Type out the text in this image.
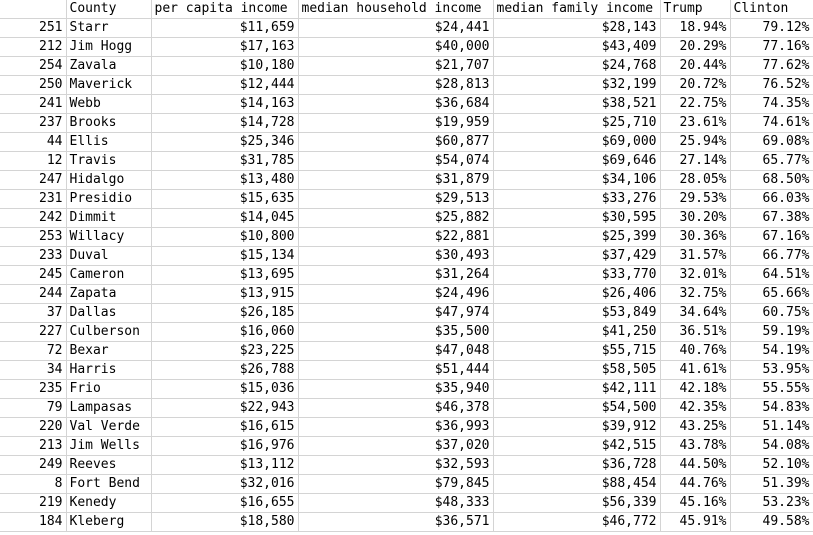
	County	per capita income	median household income	median family income	Trump	Clinton
251	Starr	$11,659	$24,441	$28,143	18.94%	79.12%
212	Jim Hogg	$17,163	$40,000	$43,409	20.29%	77.16%
254	Zavala	$10,180	$21,707	$24,768	20.44%	77.62%
250	Maverick	$12,444	$28,813	$32,199	20.72%	76.52%
241	Webb	$14,163	$36,684	$38,521	22.75%	74.35%
237	Brooks	$14,728	$19,959	$25,710	23.61%	74.61%
44	Ellis	$25,346	$60,877	$69,000	25.94%	69.08%
12	Travis	$31,785	$54,074	$69,646	27.14%	65.77%
247	Hidalgo	$13,480	$31,879	$34,106	28.05%	68.50%
231	Presidio	$15,635	$29,513	$33,276	29.53%	66.03%
242	Dimmit	$14,045	$25,882	$30,595	30.20%	67.38%
253	Willacy	$10,800	$22,881	$25,399	30.36%	67.16%
233	Duval	$15,134	$30,493	$37,429	31.57%	66.77%
245	Cameron	$13,695	$31,264	$33,770	32.01%	64.51%
244	Zapata	$13,915	$24,496	$26,406	32.75%	65.66%
37	Dallas	$26,185	$47,974	$53,849	34.64%	60.75%
227	Culberson	$16,060	$35,500	$41,250	36.51%	59.19%
72	Bexar	$23,225	$47,048	$55,715	40.76%	54.19%
34	Harris	$26,788	$51,444	$58,505	41.61%	53.95%
235	Frio	$15,036	$35,940	$42,111	42.18%	55.55%
79	Lampasas	$22,943	$46,378	$54,500	42.35%	54.83%
220	Val Verde	$16,615	$36,993	$39,912	43.25%	51.14%
213	Jim Wells	$16,976	$37,020	$42,515	43.78%	54.08%
249	Reeves	$13,112	$32,593	$36,728	44.50%	52.10%
8	Fort Bend	$32,016	$79,845	$88,454	44.76%	51.39%
219	Kenedy	$16,655	$48,333	$56,339	45.16%	53.23%
184	Kleberg	$18,580	$36,571	$46,772	45.91%	49.58%
